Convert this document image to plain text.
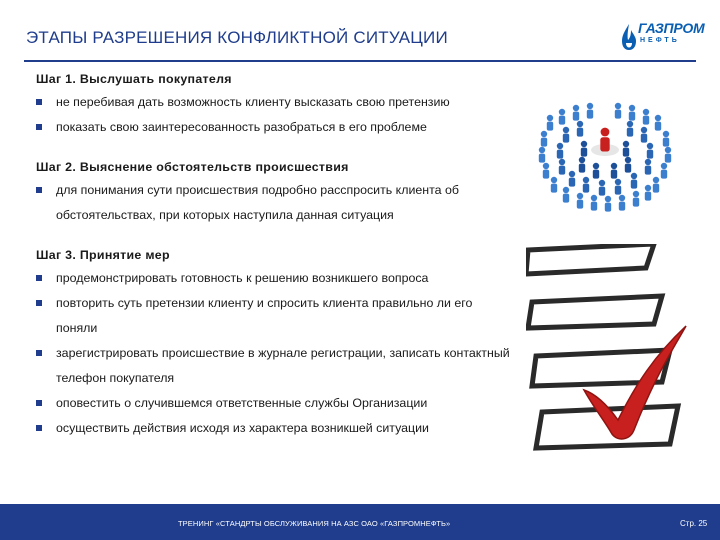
ЭТАПЫ РАЗРЕШЕНИЯ КОНФЛИКТНОЙ СИТУАЦИИ	ГАЗПРОМ
НЕФТЬ
Шаг 1. Выслушать покупателя
не перебивая дать возможность клиенту высказать свою претензию
показать свою заинтересованность разобраться в его проблеме
Шаг 2. Выяснение обстоятельств происшествия
для понимания сути происшествия подробно расспросить клиента об обстоятельствах, при которых наступила данная ситуация
Шаг 3. Принятие мер
продемонстрировать готовность к решению возникшего вопроса
повторить суть претензии клиенту и спросить клиента правильно ли его поняли
зарегистрировать происшествие в журнале регистрации, записать контактный телефон покупателя
оповестить о случившемся ответственные службы Организации
осуществить действия исходя из характера возникшей ситуации
ТРЕНИНГ «СТАНДРТЫ ОБСЛУЖИВАНИЯ НА АЗС ОАО «ГАЗПРОМНЕФТЬ»	Стр. 25
